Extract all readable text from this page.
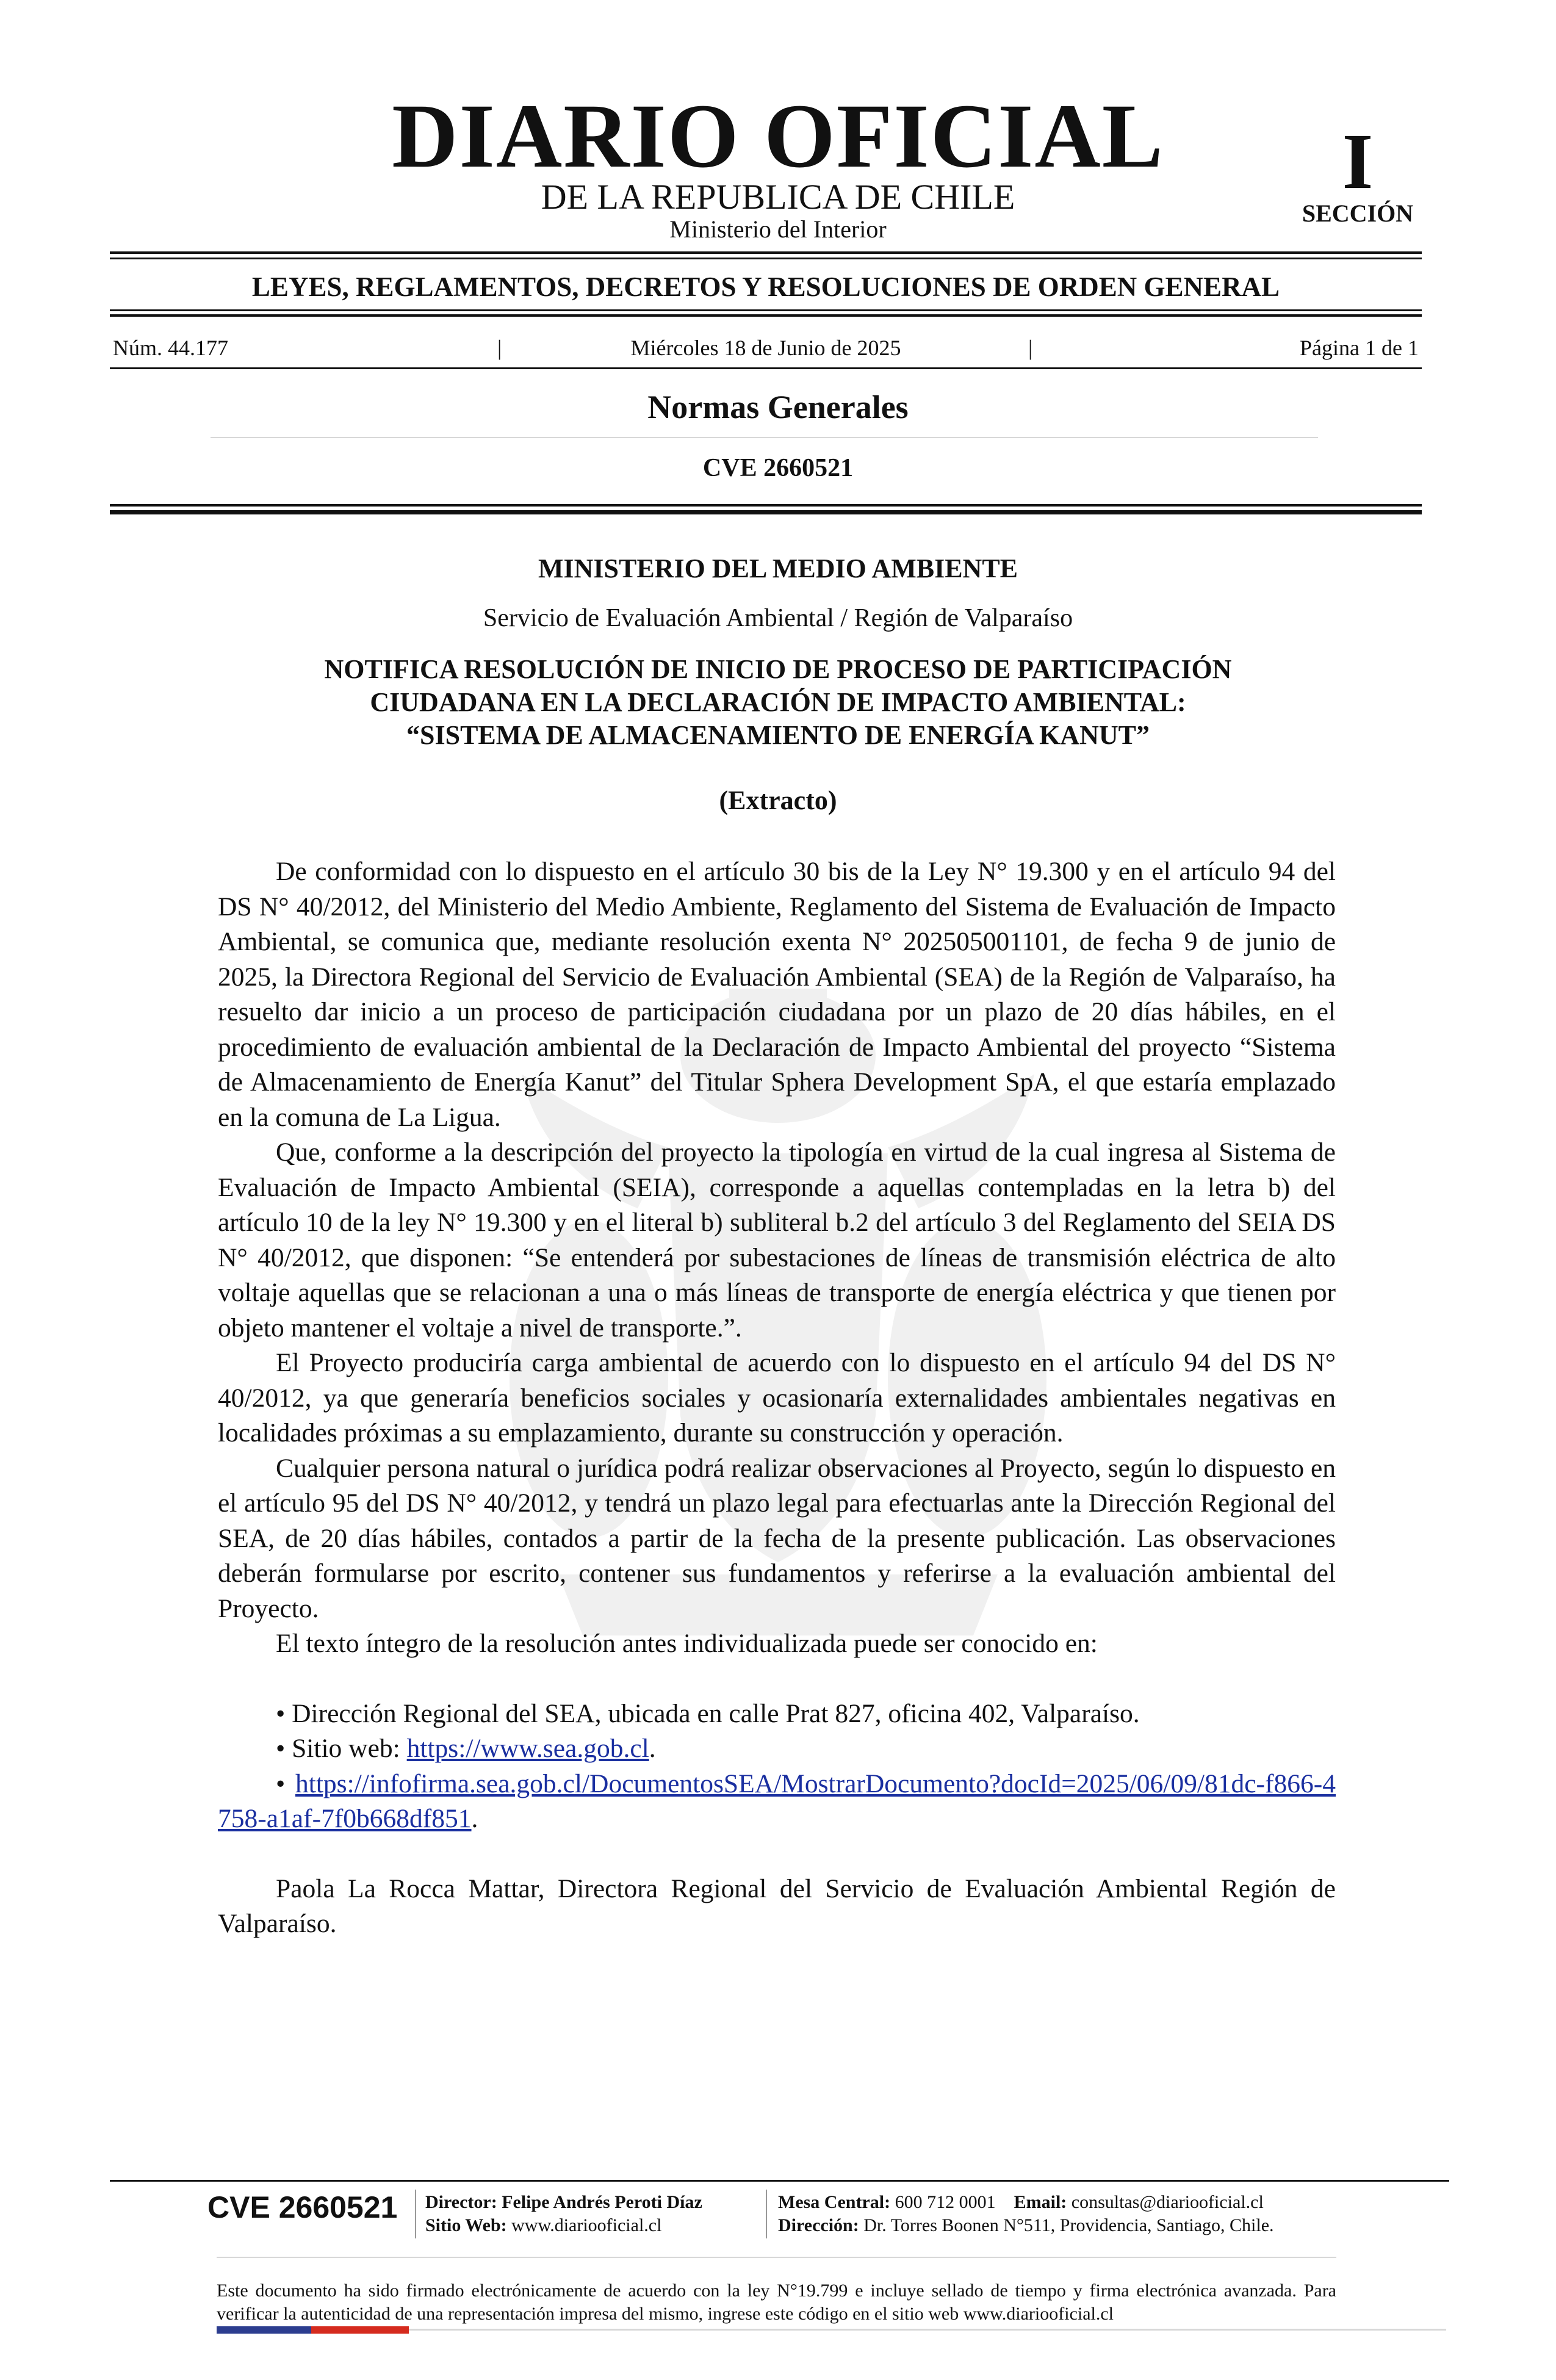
DIARIO OFICIAL
DE LA REPUBLICA DE CHILE
Ministerio del Interior
I
SECCIÓN
LEYES, REGLAMENTOS, DECRETOS Y RESOLUCIONES DE ORDEN GENERAL
Núm. 44.177	|	Miércoles 18 de Junio de 2025	|	Página 1 de 1
Normas Generales
CVE 2660521
MINISTERIO DEL MEDIO AMBIENTE
Servicio de Evaluación Ambiental / Región de Valparaíso
NOTIFICA RESOLUCIÓN DE INICIO DE PROCESO DE PARTICIPACIÓN
CIUDADANA EN LA DECLARACIÓN DE IMPACTO AMBIENTAL:
“SISTEMA DE ALMACENAMIENTO DE ENERGÍA KANUT”
(Extracto)

De conformidad con lo dispuesto en el artículo 30 bis de la Ley N° 19.300 y en el artículo 94 del DS N° 40/2012, del Ministerio del Medio Ambiente, Reglamento del Sistema de Evaluación de Impacto Ambiental, se comunica que, mediante resolución exenta N° 202505001101, de fecha 9 de junio de 2025, la Directora Regional del Servicio de Evaluación Ambiental (SEA) de la Región de Valparaíso, ha resuelto dar inicio a un proceso de participación ciudadana por un plazo de 20 días hábiles, en el procedimiento de evaluación ambiental de la Declaración de Impacto Ambiental del proyecto “Sistema de Almacenamiento de Energía Kanut” del Titular Sphera Development SpA, el que estaría emplazado en la comuna de La Ligua.

Que, conforme a la descripción del proyecto la tipología en virtud de la cual ingresa al Sistema de Evaluación de Impacto Ambiental (SEIA), corresponde a aquellas contempladas en la letra b) del artículo 10 de la ley N° 19.300 y en el literal b) subliteral b.2 del artículo 3 del Reglamento del SEIA DS N° 40/2012, que disponen: “Se entenderá por subestaciones de líneas de transmisión eléctrica de alto voltaje aquellas que se relacionan a una o más líneas de transporte de energía eléctrica y que tienen por objeto mantener el voltaje a nivel de transporte.”.

El Proyecto produciría carga ambiental de acuerdo con lo dispuesto en el artículo 94 del DS N° 40/2012, ya que generaría beneficios sociales y ocasionaría externalidades ambientales negativas en localidades próximas a su emplazamiento, durante su construcción y operación.

Cualquier persona natural o jurídica podrá realizar observaciones al Proyecto, según lo dispuesto en el artículo 95 del DS N° 40/2012, y tendrá un plazo legal para efectuarlas ante la Dirección Regional del SEA, de 20 días hábiles, contados a partir de la fecha de la presente publicación. Las observaciones deberán formularse por escrito, contener sus fundamentos y referirse a la evaluación ambiental del Proyecto.

El texto íntegro de la resolución antes individualizada puede ser conocido en:

• Dirección Regional del SEA, ubicada en calle Prat 827, oficina 402, Valparaíso.
• Sitio web: https://www.sea.gob.cl.
• https://infofirma.sea.gob.cl/DocumentosSEA/MostrarDocumento?docId=2025/06/09/81dc-f866-4758-a1af-7f0b668df851.

Paola La Rocca Mattar, Directora Regional del Servicio de Evaluación Ambiental Región de Valparaíso.

CVE 2660521	Director: Felipe Andrés Peroti Díaz
Sitio Web: www.diariooficial.cl
Mesa Central: 600 712 0001 Email: consultas@diariooficial.cl
Dirección: Dr. Torres Boonen N°511, Providencia, Santiago, Chile.
Este documento ha sido firmado electrónicamente de acuerdo con la ley N°19.799 e incluye sellado de tiempo y firma electrónica avanzada. Para verificar la autenticidad de una representación impresa del mismo, ingrese este código en el sitio web www.diariooficial.cl
